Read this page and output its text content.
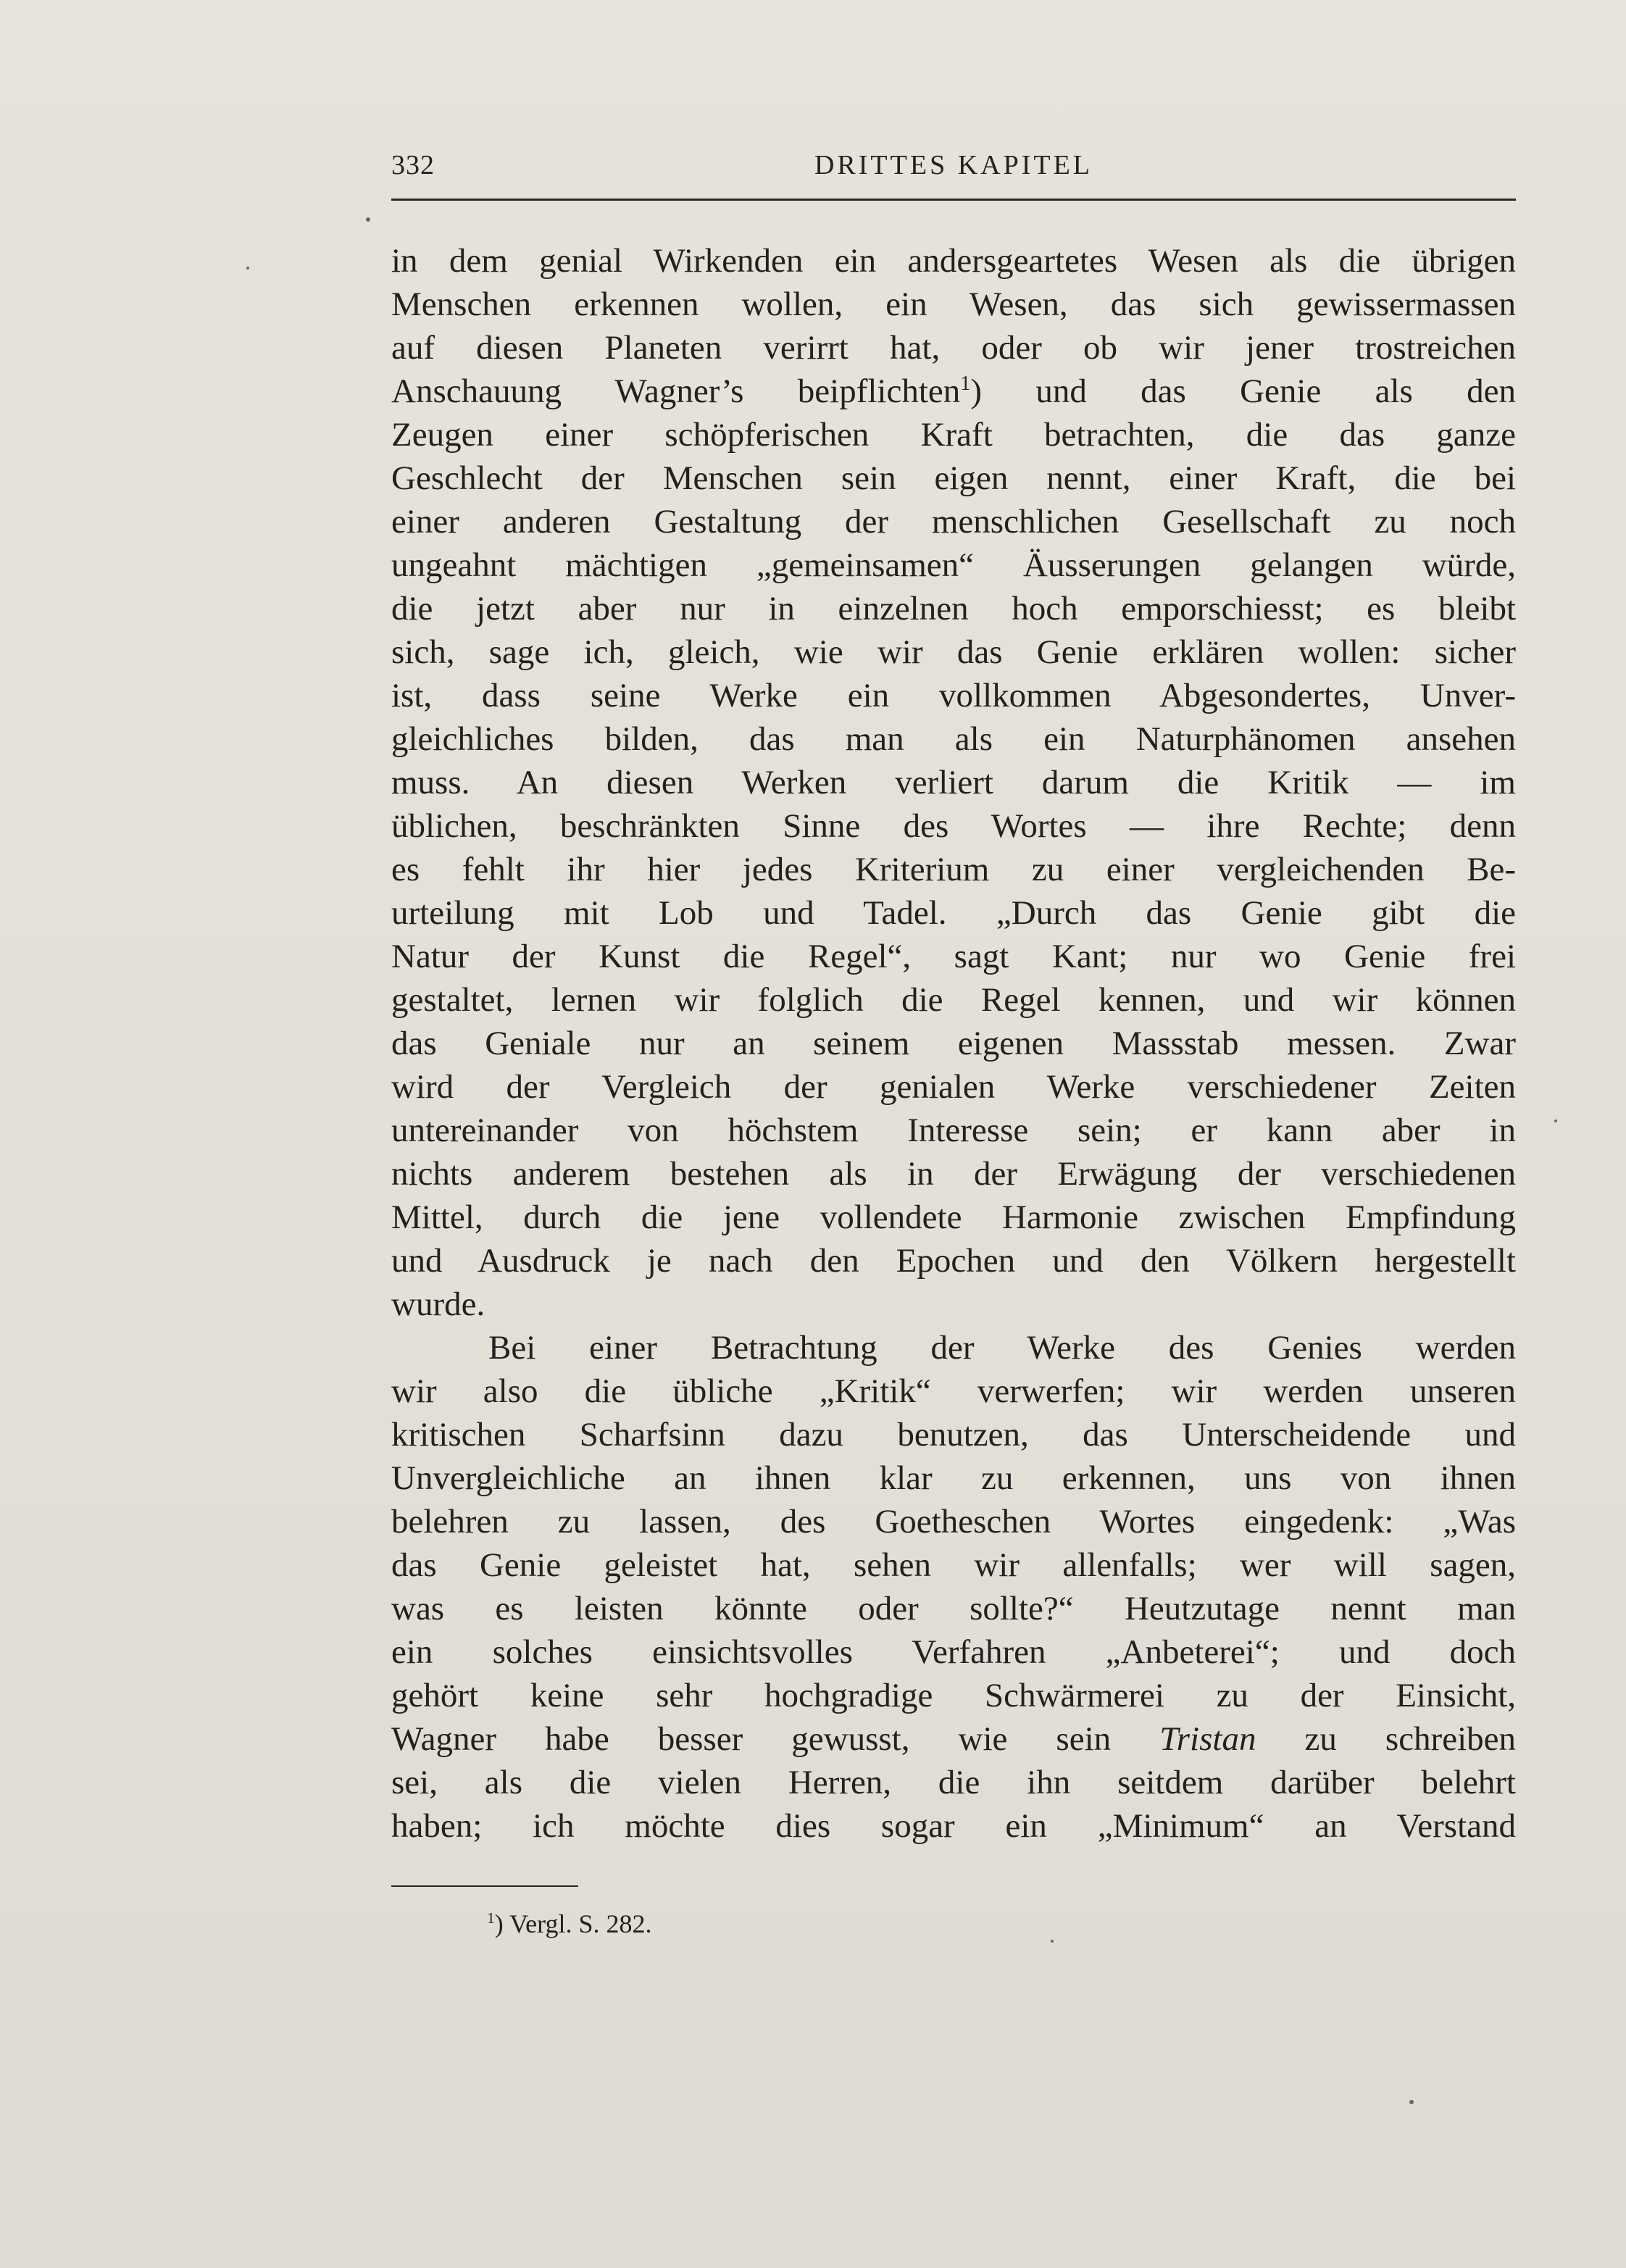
332	DRITTES KAPITEL
in dem genial Wirkenden ein andersgeartetes Wesen als die übrigen
Menschen erkennen wollen, ein Wesen, das sich gewissermassen
auf diesen Planeten verirrt hat, oder ob wir jener trostreichen
Anschauung Wagner’s beipflichten$^1$) und das Genie als den
Zeugen einer schöpferischen Kraft betrachten, die das ganze
Geschlecht der Menschen sein eigen nennt, einer Kraft, die bei
einer anderen Gestaltung der menschlichen Gesellschaft zu noch
ungeahnt mächtigen „gemeinsamen“ Äusserungen gelangen würde,
die jetzt aber nur in einzelnen hoch emporschiesst; es bleibt
sich, sage ich, gleich, wie wir das Genie erklären wollen: sicher
ist, dass seine Werke ein vollkommen Abgesondertes, Unver-
gleichliches bilden, das man als ein Naturphänomen ansehen
muss. An diesen Werken verliert darum die Kritik — im
üblichen, beschränkten Sinne des Wortes — ihre Rechte; denn
es fehlt ihr hier jedes Kriterium zu einer vergleichenden Be-
urteilung mit Lob und Tadel. „Durch das Genie gibt die
Natur der Kunst die Regel“, sagt Kant; nur wo Genie frei
gestaltet, lernen wir folglich die Regel kennen, und wir können
das Geniale nur an seinem eigenen Massstab messen. Zwar
wird der Vergleich der genialen Werke verschiedener Zeiten
untereinander von höchstem Interesse sein; er kann aber in
nichts anderem bestehen als in der Erwägung der verschiedenen
Mittel, durch die jene vollendete Harmonie zwischen Empfindung
und Ausdruck je nach den Epochen und den Völkern hergestellt
wurde.
Bei einer Betrachtung der Werke des Genies werden
wir also die übliche „Kritik“ verwerfen; wir werden unseren
kritischen Scharfsinn dazu benutzen, das Unterscheidende und
Unvergleichliche an ihnen klar zu erkennen, uns von ihnen
belehren zu lassen, des Goetheschen Wortes eingedenk: „Was
das Genie geleistet hat, sehen wir allenfalls; wer will sagen,
was es leisten könnte oder sollte?“ Heutzutage nennt man
ein solches einsichtsvolles Verfahren „Anbeterei“; und doch
gehört keine sehr hochgradige Schwärmerei zu der Einsicht,
Wagner habe besser gewusst, wie sein Tristan zu schreiben
sei, als die vielen Herren, die ihn seitdem darüber belehrt
haben; ich möchte dies sogar ein „Minimum“ an Verstand
$^1$) Vergl. S. 282.
